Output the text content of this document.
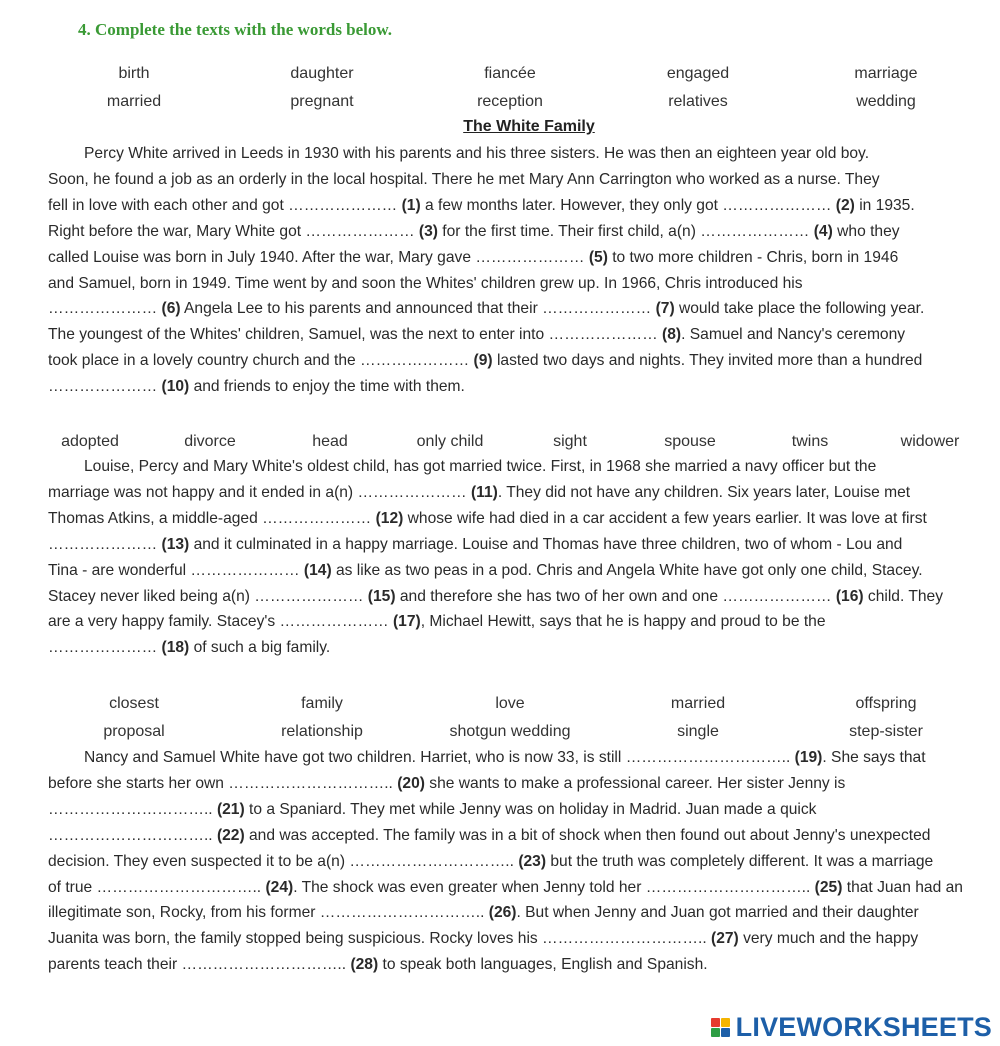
4. Complete the texts with the words below.
birth	daughter	fiancée	engaged	marriage
married	pregnant	reception	relatives	wedding
The White Family
Percy White arrived in Leeds in 1930 with his parents and his three sisters. He was then an eighteen year old boy.
Soon, he found a job as an orderly in the local hospital. There he met Mary Ann Carrington who worked as a nurse. They
fell in love with each other and got ………………… (1) a few months later. However, they only got ………………… (2) in 1935.
Right before the war, Mary White got ………………… (3) for the first time. Their first child, a(n) ………………… (4) who they
called Louise was born in July 1940. After the war, Mary gave ………………… (5) to two more children - Chris, born in 1946
and Samuel, born in 1949. Time went by and soon the Whites' children grew up. In 1966, Chris introduced his
………………… (6) Angela Lee to his parents and announced that their ………………… (7) would take place the following year.
The youngest of the Whites' children, Samuel, was the next to enter into ………………… (8). Samuel and Nancy's ceremony
took place in a lovely country church and the ………………… (9) lasted two days and nights. They invited more than a hundred
………………… (10) and friends to enjoy the time with them.
adopted	divorce	head	only child	sight	spouse	twins	widower
Louise, Percy and Mary White's oldest child, has got married twice. First, in 1968 she married a navy officer but the
marriage was not happy and it ended in a(n) ………………… (11). They did not have any children. Six years later, Louise met
Thomas Atkins, a middle-aged ………………… (12) whose wife had died in a car accident a few years earlier. It was love at first
………………… (13) and it culminated in a happy marriage. Louise and Thomas have three children, two of whom - Lou and
Tina - are wonderful ………………… (14) as like as two peas in a pod. Chris and Angela White have got only one child, Stacey.
Stacey never liked being a(n) ………………… (15) and therefore she has two of her own and one ………………… (16) child. They
are a very happy family. Stacey's ………………… (17), Michael Hewitt, says that he is happy and proud to be the
………………… (18) of such a big family.
closest	family	love	married	offspring
proposal	relationship	shotgun wedding	single	step-sister
Nancy and Samuel White have got two children. Harriet, who is now 33, is still ………………………….. (19). She says that
before she starts her own ………………………….. (20) she wants to make a professional career. Her sister Jenny is
………………………….. (21) to a Spaniard. They met while Jenny was on holiday in Madrid. Juan made a quick
………………………….. (22) and was accepted. The family was in a bit of shock when then found out about Jenny's unexpected
decision. They even suspected it to be a(n) ………………………….. (23) but the truth was completely different. It was a marriage
of true ………………………….. (24). The shock was even greater when Jenny told her ………………………….. (25) that Juan had an
illegitimate son, Rocky, from his former ………………………….. (26). But when Jenny and Juan got married and their daughter
Juanita was born, the family stopped being suspicious. Rocky loves his ………………………….. (27) very much and the happy
parents teach their ………………………….. (28) to speak both languages, English and Spanish.
LIVEWORKSHEETS
